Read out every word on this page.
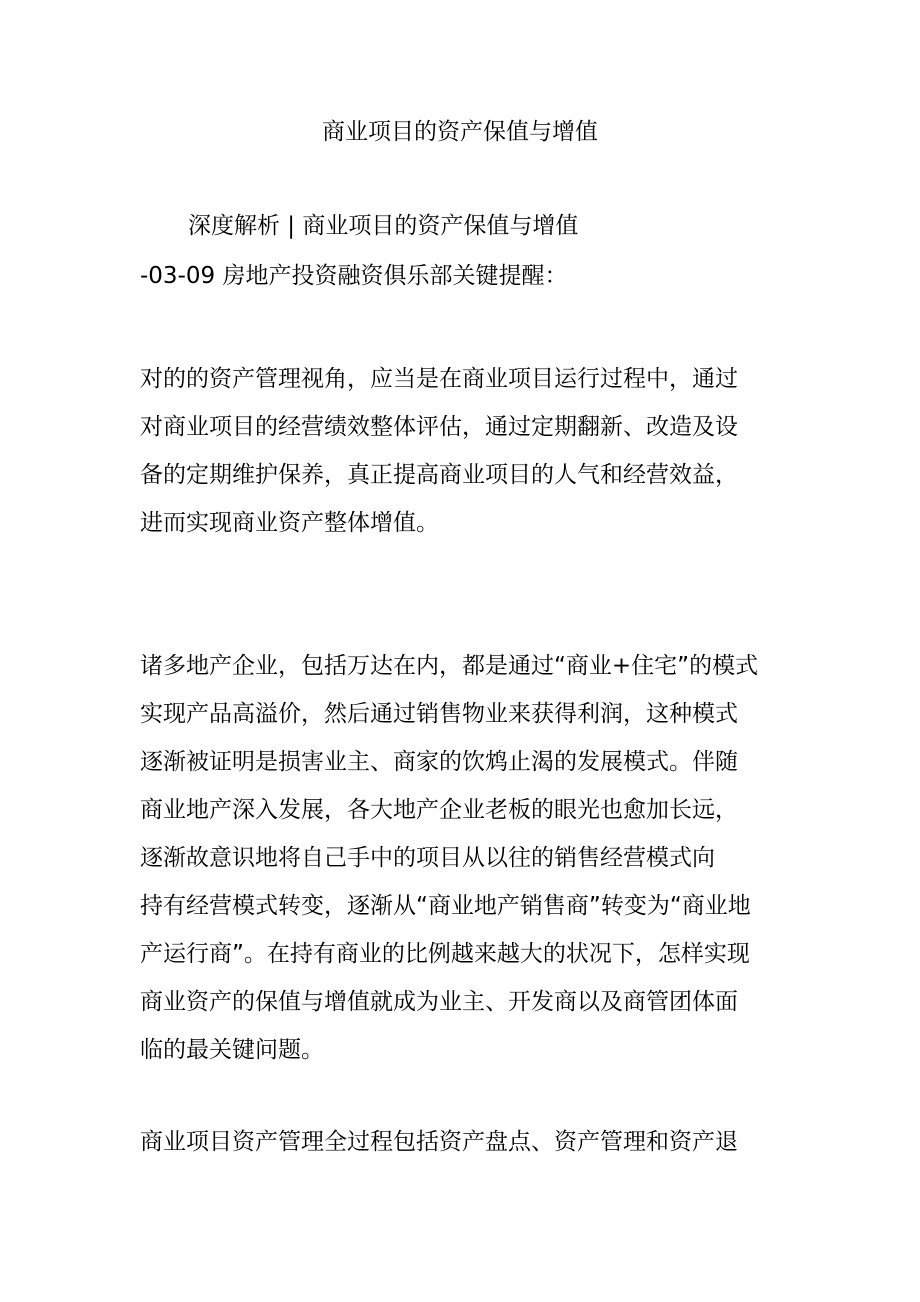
商业项目的资产保值与增值
深度解析 | 商业项目的资产保值与增值
-03-09 房地产投资融资俱乐部关键提醒：
对的的资产管理视角，应当是在商业项目运行过程中，通过
对商业项目的经营绩效整体评估，通过定期翻新、改造及设
备的定期维护保养，真正提高商业项目的人气和经营效益，
进而实现商业资产整体增值。
诸多地产企业，包括万达在内，都是通过“商业+住宅”的模式
实现产品高溢价，然后通过销售物业来获得利润，这种模式
逐渐被证明是损害业主、商家的饮鸩止渴的发展模式。伴随
商业地产深入发展，各大地产企业老板的眼光也愈加长远，
逐渐故意识地将自己手中的项目从以往的销售经营模式向
持有经营模式转变，逐渐从“商业地产销售商”转变为“商业地
产运行商”。在持有商业的比例越来越大的状况下，怎样实现
商业资产的保值与增值就成为业主、开发商以及商管团体面
临的最关键问题。
商业项目资产管理全过程包括资产盘点、资产管理和资产退
